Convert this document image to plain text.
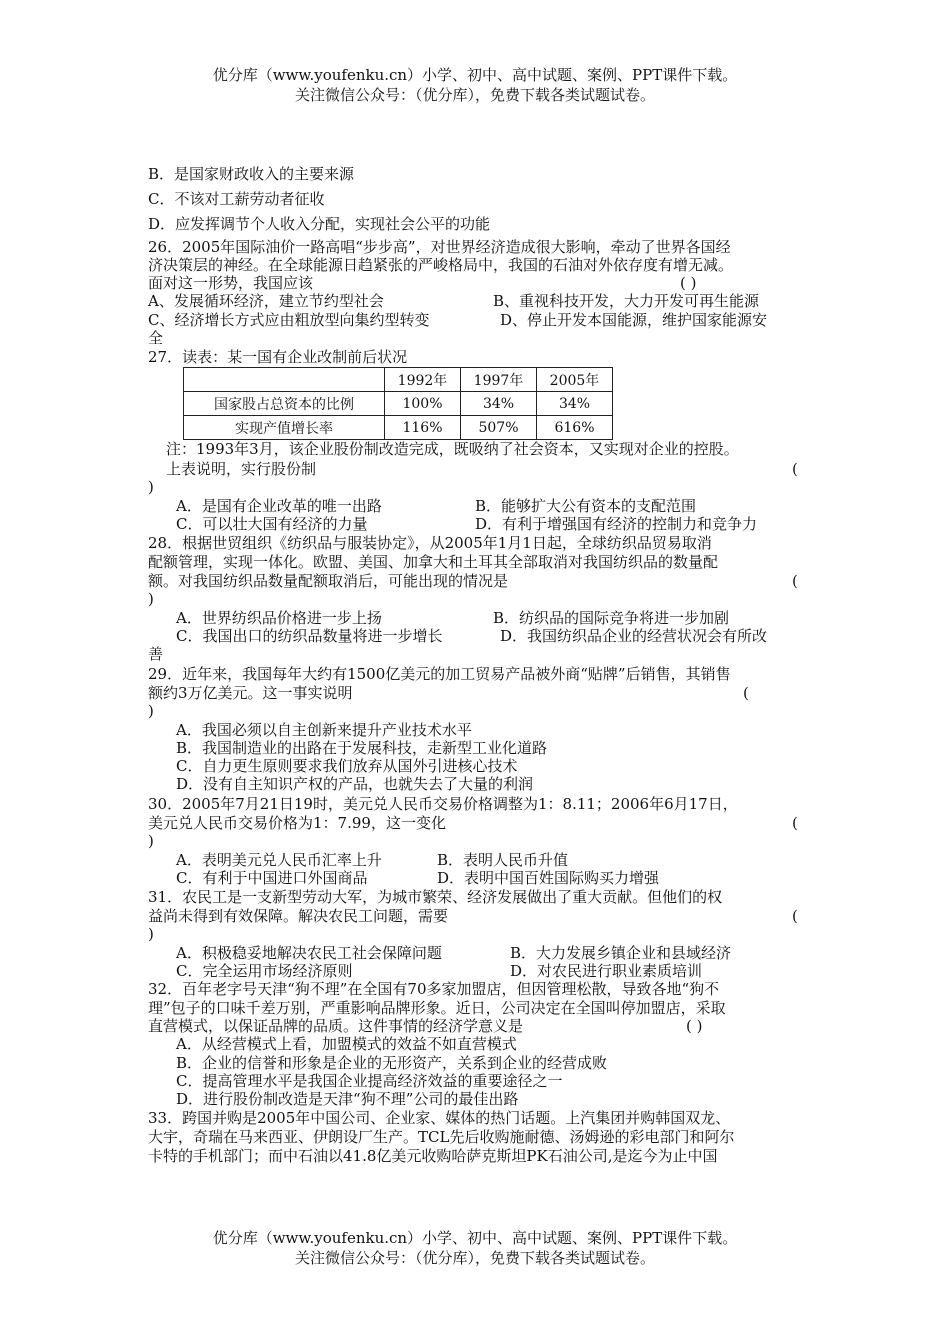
优分库（www.youfenku.cn）小学、初中、高中试题、案例、PPT课件下载。
关注微信公众号：（优分库），免费下载各类试题试卷。
B．是国家财政收入的主要来源
C．不该对工薪劳动者征收
D．应发挥调节个人收入分配，实现社会公平的功能
26．2005年国际油价一路高唱“步步高”，对世界经济造成很大影响，牵动了世界各国经
济决策层的神经。在全球能源日趋紧张的严峻格局中，我国的石油对外依存度有增无减。
面对这一形势，我国应该	( )
A、发展循环经济，建立节约型社会	B、重视科技开发，大力开发可再生能源
C、经济增长方式应由粗放型向集约型转变	D、停止开发本国能源，维护国家能源安
全
27．读表：某一国有企业改制前后状况
	1992年	1997年	2005年
国家股占总资本的比例	100%	34%	34%
实现产值增长率	116%	507%	616%
注：1993年3月，该企业股份制改造完成，既吸纳了社会资本，又实现对企业的控股。
上表说明，实行股份制	(
)
A．是国有企业改革的唯一出路	B．能够扩大公有资本的支配范围
C．可以壮大国有经济的力量	D．有利于增强国有经济的控制力和竞争力
28．根据世贸组织《纺织品与服装协定》，从2005年1月1日起，全球纺织品贸易取消
配额管理，实现一体化。欧盟、美国、加拿大和土耳其全部取消对我国纺织品的数量配
额。对我国纺织品数量配额取消后，可能出现的情况是	(
)
A．世界纺织品价格进一步上扬	B．纺织品的国际竞争将进一步加剧
C．我国出口的纺织品数量将进一步增长	D．我国纺织品企业的经营状况会有所改
善
29．近年来，我国每年大约有1500亿美元的加工贸易产品被外商“贴牌”后销售，其销售
额约3万亿美元。这一事实说明	(
)
A．我国必须以自主创新来提升产业技术水平
B．我国制造业的出路在于发展科技，走新型工业化道路
C．自力更生原则要求我们放弃从国外引进核心技术
D．没有自主知识产权的产品，也就失去了大量的利润
30．2005年7月21日19时，美元兑人民币交易价格调整为1：8.11；2006年6月17日，
美元兑人民币交易价格为1：7.99，这一变化	(
)
A．表明美元兑人民币汇率上升	B．表明人民币升值
C．有利于中国进口外国商品	D．表明中国百姓国际购买力增强
31．农民工是一支新型劳动大军，为城市繁荣、经济发展做出了重大贡献。但他们的权
益尚未得到有效保障。解决农民工问题，需要	(
)
A．积极稳妥地解决农民工社会保障问题	B．大力发展乡镇企业和县域经济
C．完全运用市场经济原则	D．对农民进行职业素质培训
32．百年老字号天津“狗不理”在全国有70多家加盟店，但因管理松散，导致各地“狗不
理”包子的口味千差万别，严重影响品牌形象。近日，公司决定在全国叫停加盟店，采取
直营模式，以保证品牌的品质。这件事情的经济学意义是	( )
A．从经营模式上看，加盟模式的效益不如直营模式
B．企业的信誉和形象是企业的无形资产，关系到企业的经营成败
C．提高管理水平是我国企业提高经济效益的重要途径之一
D．进行股份制改造是天津“狗不理”公司的最佳出路
33．跨国并购是2005年中国公司、企业家、媒体的热门话题。上汽集团并购韩国双龙、
大宇，奇瑞在马来西亚、伊朗设厂生产。TCL先后收购施耐德、汤姆逊的彩电部门和阿尔
卡特的手机部门；而中石油以41.8亿美元收购哈萨克斯坦PK石油公司,是迄今为止中国
优分库（www.youfenku.cn）小学、初中、高中试题、案例、PPT课件下载。
关注微信公众号：（优分库），免费下载各类试题试卷。
